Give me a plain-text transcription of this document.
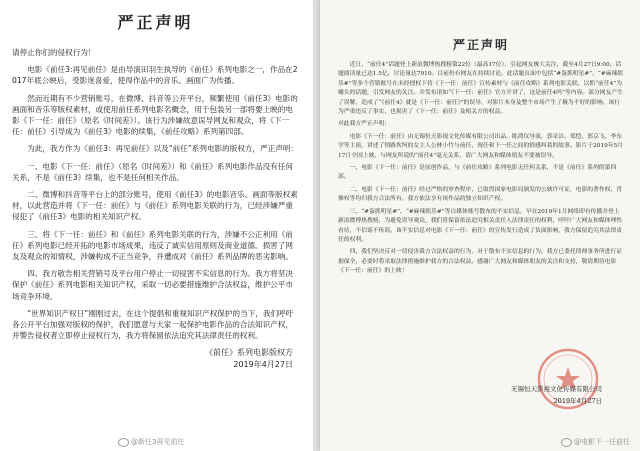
严正声明

请停止你们的侵权行为！

电影《前任3:再见前任》是由导演田羽生执导的《前任》系列电影之一，作品在2017年底公映后，受影迷喜爱，使得作品中的音乐、画面广为传播。

然而近期有不少营销账号，在微博、抖音等公开平台，频繁使用《前任3》电影的画面和音乐等版权素材，或使用前任系列电影名概念，用于包装另一部将要上映的电影《下一任：前任》（原名《时间差》）。该行为涉嫌故意误导网友和观众，将《下一任：前任》引导成为《前任3》电影的续集，《前任攻略》系列第四部。

为此，我方作为《前任3：再见前任》以及“前任”系列电影的版权方，严正声明：

一、电影《下一任：前任》（原名《时间差》）和《前任》系列电影作品没有任何关系，不是《前任3》续集，也不是任何相关作品。

二、微博和抖音等平台上的部分账号，使用《前任3》的电影音乐、画面等版权素材，以此营造并将《下一任：前任》与《前任》系列电影关联的行为，已经涉嫌严重侵犯了《前任3》电影的相关知识产权。

三、将《下一任：前任》和《前任》系列电影关联的行为，涉嫌不公正利用《前任》系列电影已经开拓的电影市场成果，违反了诚实信用原则及商业道德。损害了网友及观众的知情权，涉嫌构成不正当竞争，并遭成对《前任》系列品牌的恶劣影响。

四、我方敬告相关营销号及平台用户停止一切侵害不实信息的行为。我方将坚决保护《前任》系列电影相关知识产权，采取一切必要措施维护合法权益，维护公平市场竞争环境。

“世界知识产权日”刚刚过去，在这个提倡和重视知识产权保护的当下，我们呼吁各公开平台加强对版权的保护，我们愿意与大家一起保护电影作品的合法知识产权，并警告侵权者立即停止侵权行为，我方将保留依法追究其法律责任的权利。

《前任》系列电影版权方
2019年4月27日
@新任3再见前任
严正声明

近日，“前任4”话题登上新浪微博热搜榜第22位（最高17位），引起网友极大关注，截至4月27日9:00，话题阅读量已达1.5亿，讨论量达7910。目前仍有网友在持续讨论。此话题页面中包括“#蛋抓明星#”、“#麻辣娱乐#”等多个营销账号在未经授权下将《下一任：前任》宣传素材与《前任攻略》系列电影关联，以抓“前任4”为噱头的话题，引发网友的关注。并发布诸如“《下一任：前任》官方开讲了，这是前任4吗”等内容。部分网友产生了误解，造成了“《前任4》就是《下一任：前任》”的误导，对影片本身及整个市场产生了极为不好的影响。该行为严重违反了事实，也损害了《下一任：前任》及相关方的权益。

对此我方严正声明：

电影《下一任：前任》由无锡恒天影视文化传媒有限公司出品，陈鸿仪导演，郭采洁、郑恺、郭京飞、李东学等主演，讲述了情路坎坷的女主人公林小竹与前任、现任和下一任之间的情感纠葛的故事。影片于2019年5月17日全国上映，与网友所说的“前任4”毫无关系，请广大网友和媒体朋友不要被误导。

一、电影《下一任：前任》是原创作品，与《前任攻略》系列电影无任何关系，不是《前任》系列的第四部。

二、电影《下一任：前任》经过严格的审查程序，已取得国家电影局颁发的公映许可证，电影的著作权、肖像权等均归我方合法所有，我方依法享有该作品的独立知识产权。

三、“#蛋抓明星#”、“#麻辣娱乐#”等自媒体账号散布的不实信息，早在2019年1月网络即有传播并登上新浪微博热搜榜，为避免误导观众，我们将保留依法追究相关责任人法律责任的权利，呼吁广大网友和媒体理性看待，不信谣不传谣。该不实信息对电影《下一任：前任》的宣传发行造成了负面影响，我方保留追究其法律责任的权利。

四、我们坚决反对一切侵害我方合法权益的行为，对于散布不实信息的行为，我方已委托律师事务所进行证据保全，必要时将采取法律措施维护我方的合法权益。感谢广大网友和媒体朋友的关注和支持，敬请期待电影《下一任：前任》的上映！

无锡恒天影视文化传媒有限公司
2019年4月27日
@电影下一任前任
